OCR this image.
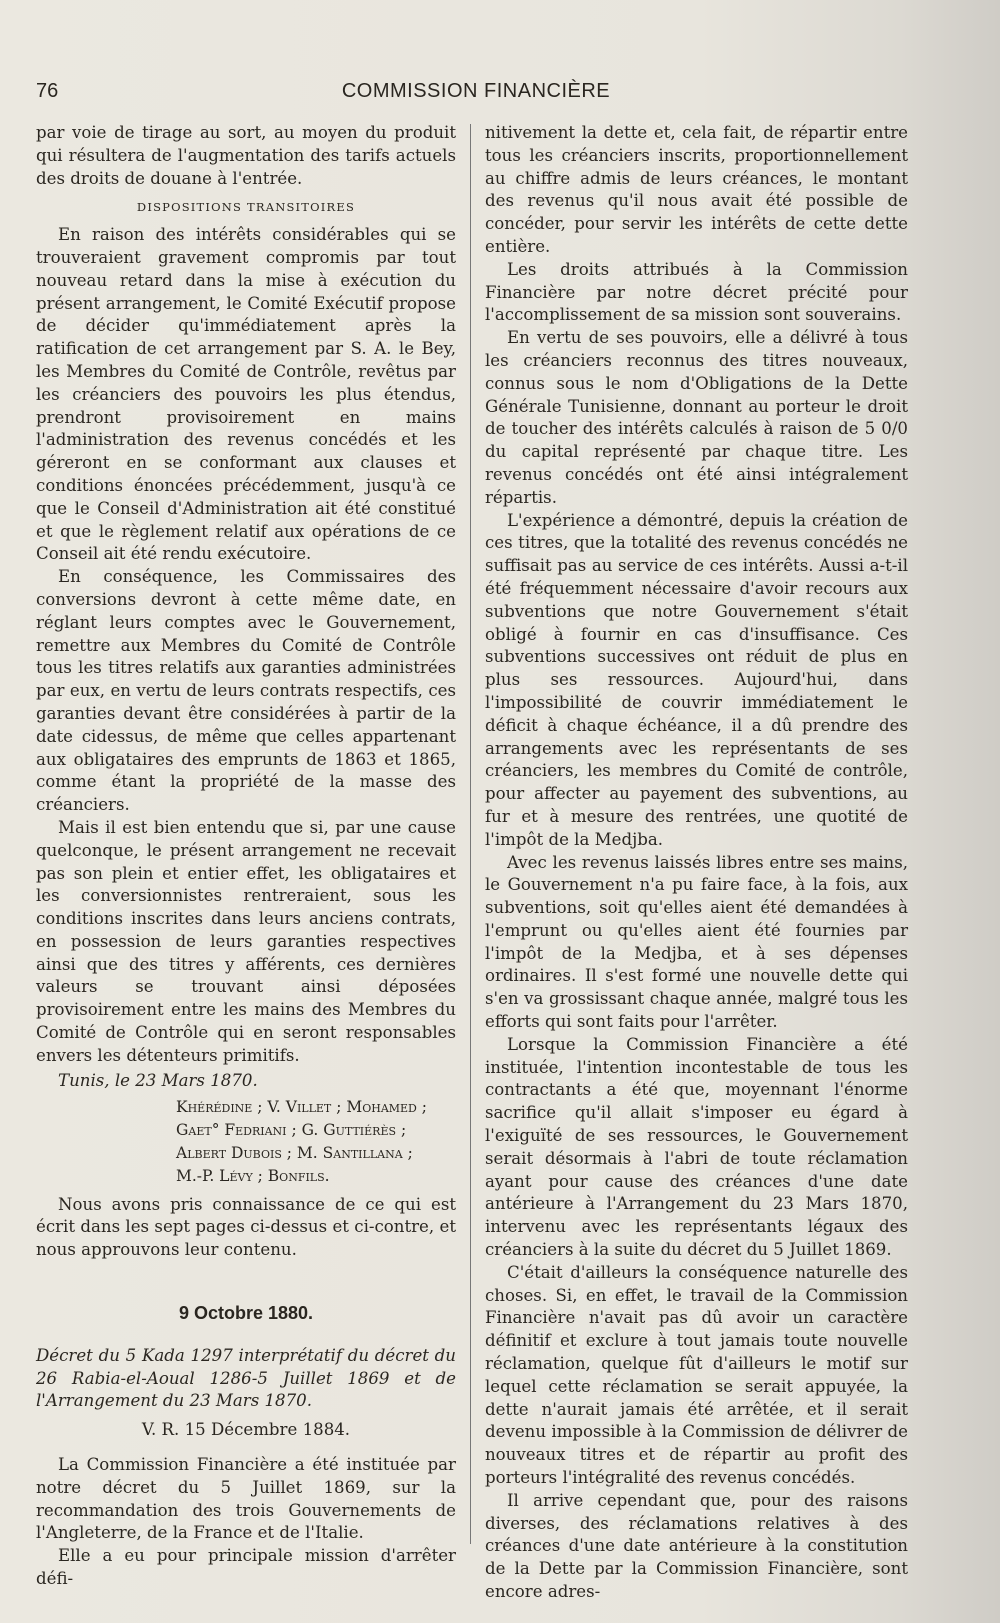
76	COMMISSION FINANCIÈRE

par voie de tirage au sort, au moyen du produit qui résultera de l'augmentation des tarifs actuels des droits de douane à l'entrée.

DISPOSITIONS TRANSITOIRES

En raison des intérêts considérables qui se trouveraient gravement compromis par tout nouveau retard dans la mise à exécution du présent arrangement, le Comité Exécutif propose de décider qu'immédiatement après la ratification de cet arrangement par S. A. le Bey, les Membres du Comité de Contrôle, revêtus par les créanciers des pouvoirs les plus étendus, prendront provisoirement en mains l'administration des revenus concédés et les géreront en se conformant aux clauses et conditions énoncées précédemment, jusqu'à ce que le Conseil d'Administration ait été constitué et que le règlement relatif aux opérations de ce Conseil ait été rendu exécutoire.

En conséquence, les Commissaires des conversions devront à cette même date, en réglant leurs comptes avec le Gouvernement, remettre aux Membres du Comité de Contrôle tous les titres relatifs aux garanties administrées par eux, en vertu de leurs contrats respectifs, ces garanties devant être considérées à partir de la date cidessus, de même que celles appartenant aux obligataires des emprunts de 1863 et 1865, comme étant la propriété de la masse des créanciers.

Mais il est bien entendu que si, par une cause quelconque, le présent arrangement ne recevait pas son plein et entier effet, les obligataires et les conversionnistes rentreraient, sous les conditions inscrites dans leurs anciens contrats, en possession de leurs garanties respectives ainsi que des titres y afférents, ces dernières valeurs se trouvant ainsi déposées provisoirement entre les mains des Membres du Comité de Contrôle qui en seront responsables envers les détenteurs primitifs.

Tunis, le 23 Mars 1870.
Khérédine ; V. Villet ; Mohamed ;
Gaet° Fedriani ; G. Guttiérès ;
Albert Dubois ; M. Santillana ;
M.-P. Lévy ; Bonfils.

Nous avons pris connaissance de ce qui est écrit dans les sept pages ci-dessus et ci-contre, et nous approuvons leur contenu.

9 Octobre 1880.

Décret du 5 Kada 1297 interprétatif du décret du 26 Rabia-el-Aoual 1286-5 Juillet 1869 et de l'Arrangement du 23 Mars 1870.

V. R. 15 Décembre 1884.

La Commission Financière a été instituée par notre décret du 5 Juillet 1869, sur la recommandation des trois Gouvernements de l'Angleterre, de la France et de l'Italie.

Elle a eu pour principale mission d'arrêter défi-

nitivement la dette et, cela fait, de répartir entre tous les créanciers inscrits, proportionnellement au chiffre admis de leurs créances, le montant des revenus qu'il nous avait été possible de concéder, pour servir les intérêts de cette dette entière.

Les droits attribués à la Commission Financière par notre décret précité pour l'accomplissement de sa mission sont souverains.

En vertu de ses pouvoirs, elle a délivré à tous les créanciers reconnus des titres nouveaux, connus sous le nom d'Obligations de la Dette Générale Tunisienne, donnant au porteur le droit de toucher des intérêts calculés à raison de 5 0/0 du capital représenté par chaque titre. Les revenus concédés ont été ainsi intégralement répartis.

L'expérience a démontré, depuis la création de ces titres, que la totalité des revenus concédés ne suffisait pas au service de ces intérêts. Aussi a-t-il été fréquemment nécessaire d'avoir recours aux subventions que notre Gouvernement s'était obligé à fournir en cas d'insuffisance. Ces subventions successives ont réduit de plus en plus ses ressources. Aujourd'hui, dans l'impossibilité de couvrir immédiatement le déficit à chaque échéance, il a dû prendre des arrangements avec les représentants de ses créanciers, les membres du Comité de contrôle, pour affecter au payement des subventions, au fur et à mesure des rentrées, une quotité de l'impôt de la Medjba.

Avec les revenus laissés libres entre ses mains, le Gouvernement n'a pu faire face, à la fois, aux subventions, soit qu'elles aient été demandées à l'emprunt ou qu'elles aient été fournies par l'impôt de la Medjba, et à ses dépenses ordinaires. Il s'est formé une nouvelle dette qui s'en va grossissant chaque année, malgré tous les efforts qui sont faits pour l'arrêter.

Lorsque la Commission Financière a été instituée, l'intention incontestable de tous les contractants a été que, moyennant l'énorme sacrifice qu'il allait s'imposer eu égard à l'exiguïté de ses ressources, le Gouvernement serait désormais à l'abri de toute réclamation ayant pour cause des créances d'une date antérieure à l'Arrangement du 23 Mars 1870, intervenu avec les représentants légaux des créanciers à la suite du décret du 5 Juillet 1869.

C'était d'ailleurs la conséquence naturelle des choses. Si, en effet, le travail de la Commission Financière n'avait pas dû avoir un caractère définitif et exclure à tout jamais toute nouvelle réclamation, quelque fût d'ailleurs le motif sur lequel cette réclamation se serait appuyée, la dette n'aurait jamais été arrêtée, et il serait devenu impossible à la Commission de délivrer de nouveaux titres et de répartir au profit des porteurs l'intégralité des revenus concédés.

Il arrive cependant que, pour des raisons diverses, des réclamations relatives à des créances d'une date antérieure à la constitution de la Dette par la Commission Financière, sont encore adres-
